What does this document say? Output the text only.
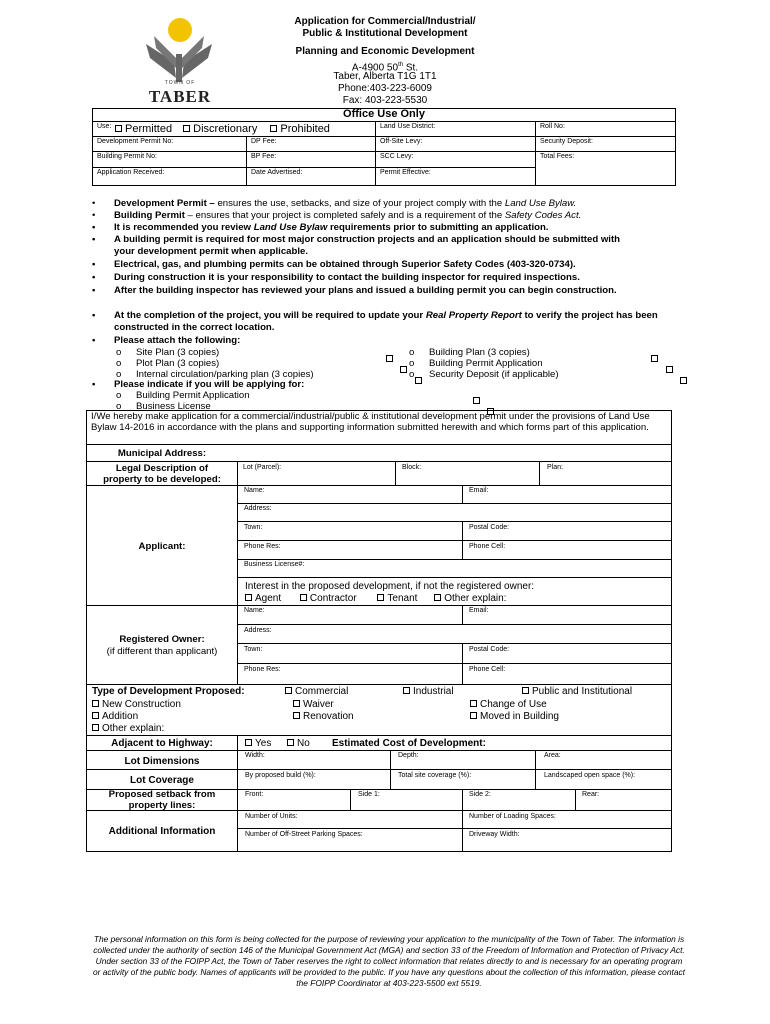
TOWN OF
TABER
Application for Commercial/Industrial/
Public & Institutional Development
Planning and Economic Development
A-4900 50th St.
Taber, Alberta T1G 1T1
Phone:403-223-6009
Fax: 403-223-5530
Office Use Only
Use:	Permitted Discretionary Prohibited	Land Use District:	Roll No:
Development Permit No:	DP Fee:	Off-Site Levy:	Security Deposit:
Building Permit No:	BP Fee:	SCC Levy:	Total Fees:
Application Received:	Date Advertised:	Permit Effective:
• Development Permit – ensures the use, setbacks, and size of your project comply with the Land Use Bylaw.
• Building Permit – ensures that your project is completed safely and is a requirement of the Safety Codes Act.
• It is recommended you review Land Use Bylaw requirements prior to submitting an application.
• A building permit is required for most major construction projects and an application should be submitted with your development permit when applicable.
• Electrical, gas, and plumbing permits can be obtained through Superior Safety Codes (403-320-0734).
• During construction it is your responsibility to contact the building inspector for required inspections.
• After the building inspector has reviewed your plans and issued a building permit you can begin construction.
• At the completion of the project, you will be required to update your Real Property Report to verify the project has been constructed in the correct location.
• Please attach the following:
o Site Plan (3 copies)
o Plot Plan (3 copies)
o Internal circulation/parking plan (3 copies)

o Building Plan (3 copies)
o Building Permit Application
o Security Deposit (if applicable)

• Please indicate if you will be applying for:
o Building Permit Application
o Business License

I/We hereby make application for a commercial/industrial/public & institutional development permit under the provisions of Land Use Bylaw 14-2016 in accordance with the plans and supporting information submitted herewith and which forms part of this application.
Municipal Address:
Legal Description of property to be developed:
Lot (Parcel):	Block:	Plan:
Applicant:
Name:	Email:
Address:
Town:	Postal Code:
Phone Res:	Phone Cell:
Business License#:
Interest in the proposed development, if not the registered owner:
Agent	Contractor	Tenant	Other explain:
Registered Owner:
(if different than applicant)
Name:	Email:
Address:
Town:	Postal Code:
Phone Res:	Phone Cell:
Type of Development Proposed:	Commercial	Industrial	Public and Institutional
New Construction	Waiver	Change of Use
Addition	Renovation	Moved in Building
Other explain:
Adjacent to Highway:	Yes	No Estimated Cost of Development:
Lot Dimensions
Width:	Depth:	Area:
Lot Coverage	By proposed build (%):	Total site coverage (%):	Landscaped open space (%):
Proposed setback from property lines:
Front:	Side 1:	Side 2:	Rear:
Additional Information
Number of Units:	Number of Loading Spaces:
Number of Off-Street Parking Spaces:	Driveway Width:
The personal information on this form is being collected for the purpose of reviewing your application to the municipality of the Town of Taber. The information is collected under the authority of section 146 of the Municipal Government Act (MGA) and section 33 of the Freedom of Information and Protection of Privacy Act. Under section 33 of the FOIPP Act, the Town of Taber reserves the right to collect information that relates directly to and is necessary for an operating program or activity of the public body. Names of applicants will be provided to the public. If you have any questions about the collection of this information, please contact the FOIPP Coordinator at 403-223-5500 ext 5519.
